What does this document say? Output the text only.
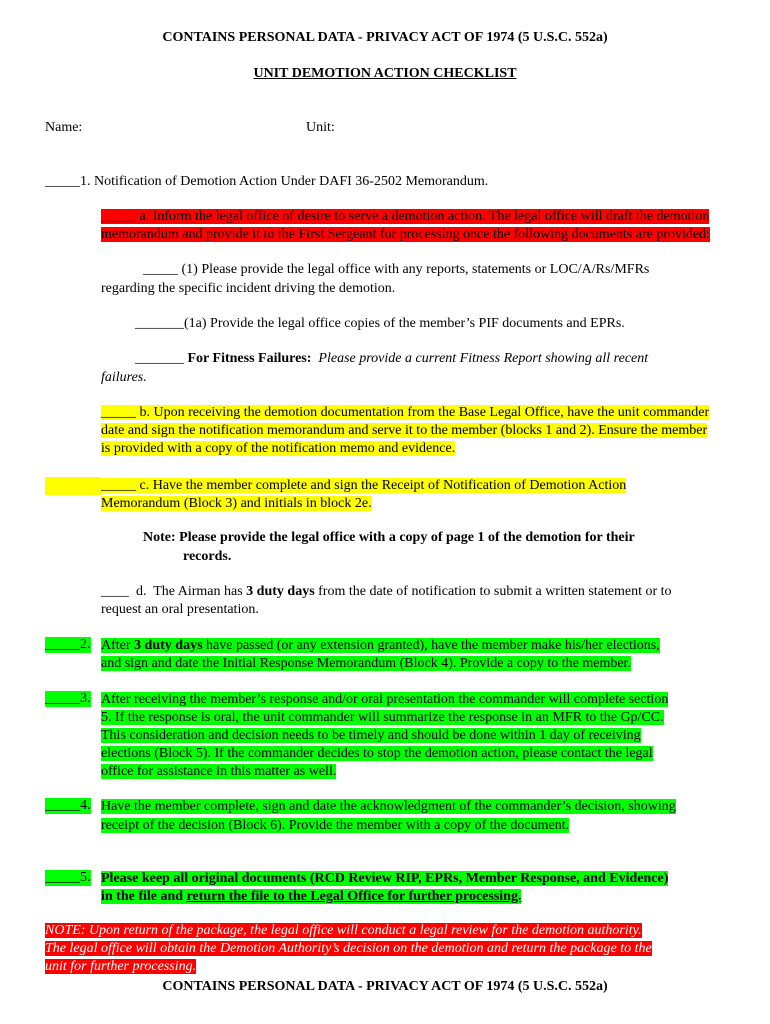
CONTAINS PERSONAL DATA - PRIVACY ACT OF 1974 (5 U.S.C. 552a)
UNIT DEMOTION ACTION CHECKLIST
Name:	Unit:
_____1. Notification of Demotion Action Under DAFI 36-2502 Memorandum.
_____ a. Inform the legal office of desire to serve a demotion action. The legal office will draft the demotion memorandum and provide it to the First Sergeant for processing once the following documents are provided:
_____ (1) Please provide the legal office with any reports, statements or LOC/A/Rs/MFRs
regarding the specific incident driving the demotion.
_______(1a) Provide the legal office copies of the member’s PIF documents and EPRs.
_______ For Fitness Failures:  Please provide a current Fitness Report showing all recent
failures.
_____ b. Upon receiving the demotion documentation from the Base Legal Office, have the unit commander date and sign the notification memorandum and serve it to the member (blocks 1 and 2). Ensure the member is provided with a copy of the notification memo and evidence.
_____ c. Have the member complete and sign the Receipt of Notification of Demotion Action
Memorandum (Block 3) and initials in block 2e.
Note: Please provide the legal office with a copy of page 1 of the demotion for their
records.
____  d.  The Airman has 3 duty days from the date of notification to submit a written statement or to
request an oral presentation.
_____2. After 3 duty days have passed (or any extension granted), have the member make his/her elections,
and sign and date the Initial Response Memorandum (Block 4). Provide a copy to the member.
_____3. After receiving the member’s response and/or oral presentation the commander will complete section
5. If the response is oral, the unit commander will summarize the response in an MFR to the Gp/CC.
This consideration and decision needs to be timely and should be done within 1 day of receiving
elections (Block 5). If the commander decides to stop the demotion action, please contact the legal
office for assistance in this matter as well.
_____4. Have the member complete, sign and date the acknowledgment of the commander’s decision, showing
receipt of the decision (Block 6). Provide the member with a copy of the document.
_____5. Please keep all original documents (RCD Review RIP, EPRs, Member Response, and Evidence)
in the file and return the file to the Legal Office for further processing.
NOTE: Upon return of the package, the legal office will conduct a legal review for the demotion authority.
The legal office will obtain the Demotion Authority’s decision on the demotion and return the package to the
unit for further processing.
CONTAINS PERSONAL DATA - PRIVACY ACT OF 1974 (5 U.S.C. 552a)
